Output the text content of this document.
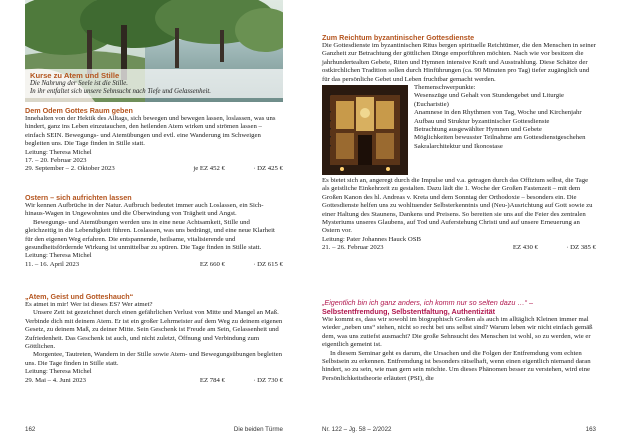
Kurse zu Atem und Stille
Die Nahrung der Seele ist die Stille.
In ihr entfaltet sich unsere Sehnsucht nach Tiefe und Gelassenheit.
Dem Odem Gottes Raum geben

Innehalten von der Hektik des Alltags, sich bewegen und bewegen lassen, loslassen, was uns hindert, ganz ins Leben einzutauchen, den heilenden Atem wirken und strömen lassen – einfach SEIN. Bewegungs- und Atemübungen und evtl. eine Wanderung im Schweigen begleiten uns. Die Tage finden in Stille statt.

Leitung: Theresa Michel
17. – 20. Februar 2023
29. September – 2. Oktober 2023	je EZ 452 €	· DZ 425 €
Ostern – sich aufrichten lassen

Wir kennen Aufbrüche in der Natur. Aufbruch bedeutet immer auch Loslassen, ein Sich-hinaus-Wagen in Ungewohntes und die Überwindung von Trägheit und Angst.

Bewegungs- und Atemübungen werden uns in eine neue Achtsamkeit, Stille und gleichzeitig in die Lebendigkeit führen. Loslassen, was uns bedrängt, und eine neue Klarheit für den eigenen Weg erfahren. Die entspannende, heilsame, vitalisierende und gesundheitsfördernde Wirkung ist unmittelbar zu spüren. Die Tage finden in Stille statt.

Leitung: Theresa Michel
11. – 16. April 2023	EZ 660 €	· DZ 615 €
„Atem, Geist und Gotteshauch“

Es atmet in mir! Wer ist dieses ES? Wer atmet?

Unsere Zeit ist gezeichnet durch einen gefährlichen Verlust von Mitte und Mangel an Maß. Verbinde dich mit deinem Atem. Er ist ein großer Lehrmeister auf dem Weg zu deinem eigenen Gesetz, zu deinem Maß, zu deiner Mitte. Sein Geschenk ist Freude am Sein, Gelassenheit und Zufriedenheit. Das Geschenk ist auch, und nicht zuletzt, Öffnung und Verbindung zum Göttlichen.

Morgentee, Tautreten, Wandern in der Stille sowie Atem- und Bewegungsübungen begleiten uns. Die Tage finden in Stille statt.

Leitung: Theresa Michel
29. Mai – 4. Juni 2023	EZ 784 €	· DZ 730 €
162	Die beiden Türme
Zum Reichtum byzantinischer Gottesdienste

Die Gottesdienste im byzantinischen Ritus bergen spirituelle Reichtümer, die den Menschen in seiner Ganzheit zur Betrachtung der göttlichen Dinge emporführen möchten. Nach wie vor besitzen die jahrhundertealten Gebete, Riten und Hymnen intensive Kraft und Ausstrahlung. Diese Schätze der ostkirchlichen Tradition sollen durch Hinführungen (ca. 90 Minuten pro Tag) tiefer zugänglich und für das persönliche Gebet und Leben fruchtbar gemacht werden.

Themenschwerpunkte:
• Wesenszüge und Gehalt von Stundengebet und Liturgie (Eucharistie)
• Anamnese in den Rhythmen von Tag, Woche und Kirchenjahr
• Aufbau und Struktur byzantinischer Gottesdienste
• Betrachtung ausgewählter Hymnen und Gebete
• Möglichkeiten bewusster Teilnahme am Gottesdienstgeschehen
• Sakralarchitektur und Ikonostase

Es bietet sich an, angeregt durch die Impulse und v.a. getragen durch das Offizium selbst, die Tage als geistliche Einkehrzeit zu gestalten. Dazu lädt die 1. Woche der Großen Fastenzeit – mit dem Großen Kanon des hl. Andreas v. Kreta und dem Sonntag der Orthodoxie – besonders ein. Die Gottesdienste helfen uns zu wohltuender Selbsterkenntnis und (Neu-)Ausrichtung auf Gott sowie zu einer Haltung des Staunens, Dankens und Preisens. So bereiten sie uns auf die Feier des zentralen Mysteriums unseres Glaubens, auf Tod und Auferstehung Christi und auf unsere Erneuerung an Ostern vor.

Leitung: Pater Johannes Hauck OSB
21. – 26. Februar 2023	EZ 430 €	· DZ 385 €
„Eigentlich bin ich ganz anders, ich komm nur so selten dazu …“ –
Selbstentfremdung, Selbstentfaltung, Authentizität

Wie kommt es, dass wir sowohl im biographisch Großen als auch im alltäglich Kleinen immer mal wieder „neben uns“ stehen, nicht so recht bei uns selbst sind? Warum leben wir nicht einfach gemäß dem, was uns zutiefst ausmacht? Die große Sehnsucht des Menschen ist wohl, so zu werden, wie er eigentlich gemeint ist.

In diesem Seminar geht es darum, die Ursachen und die Folgen der Entfremdung vom echten Selbstsein zu erkennen. Entfremdung ist besonders rätselhaft, wenn einen eigentlich niemand daran hindert, so zu sein, wie man gern sein möchte. Um dieses Phänomen besser zu verstehen, wird eine Persönlichkeitstheorie erläutert (PSI), die

Nr. 122 – Jg. 58 – 2/2022	163
